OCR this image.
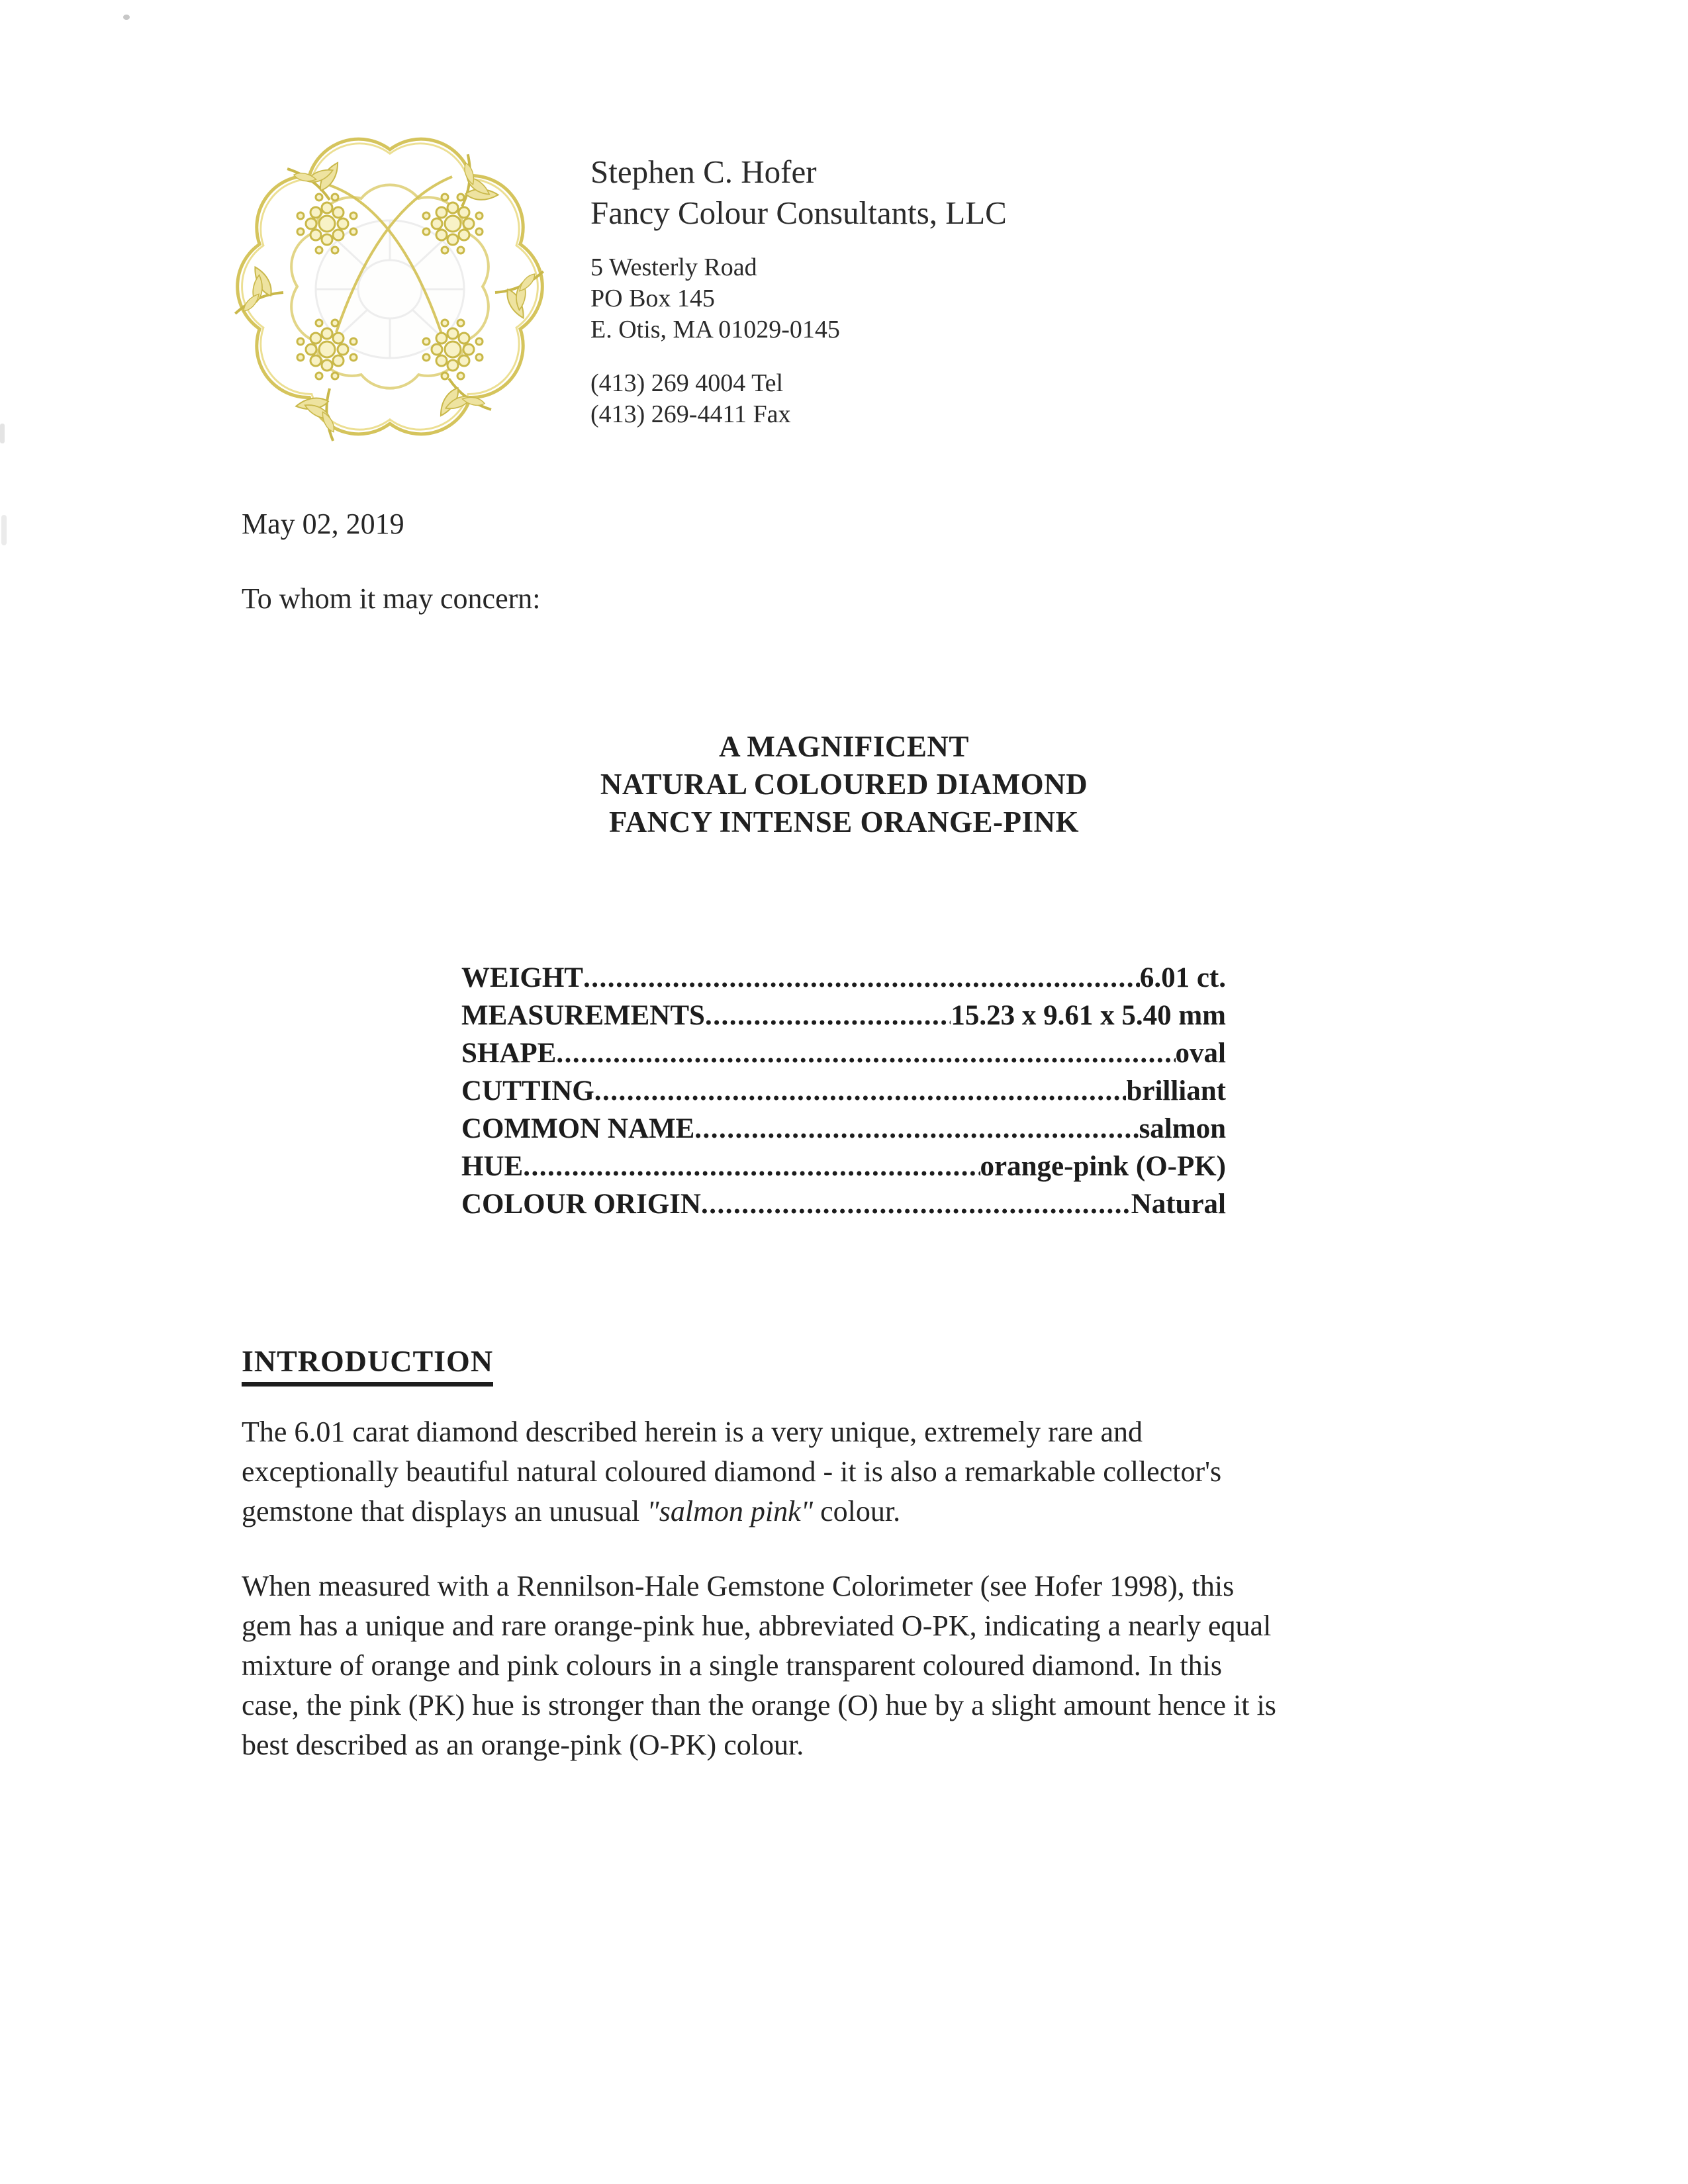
Stephen C. Hofer
Fancy Colour Consultants, LLC
5 Westerly Road
PO Box 145
E. Otis, MA 01029-0145
(413) 269 4004 Tel
(413) 269-4411 Fax
May 02, 2019
To whom it may concern:
A MAGNIFICENT
NATURAL COLOURED DIAMOND
FANCY INTENSE ORANGE-PINK
WEIGHT .....	6.01 ct.
MEASUREMENTS .....	15.23 x 9.61 x 5.40 mm
SHAPE .....	oval
CUTTING .....	brilliant
COMMON NAME .....	salmon
HUE .....	orange-pink (O-PK)
COLOUR ORIGIN .....	Natural
INTRODUCTION
The 6.01 carat diamond described herein is a very unique, extremely rare and
exceptionally beautiful natural coloured diamond - it is also a remarkable collector's
gemstone that displays an unusual "salmon pink" colour.
When measured with a Rennilson-Hale Gemstone Colorimeter (see Hofer 1998), this
gem has a unique and rare orange-pink hue, abbreviated O-PK, indicating a nearly equal
mixture of orange and pink colours in a single transparent coloured diamond. In this
case, the pink (PK) hue is stronger than the orange (O) hue by a slight amount hence it is
best described as an orange-pink (O-PK) colour.
